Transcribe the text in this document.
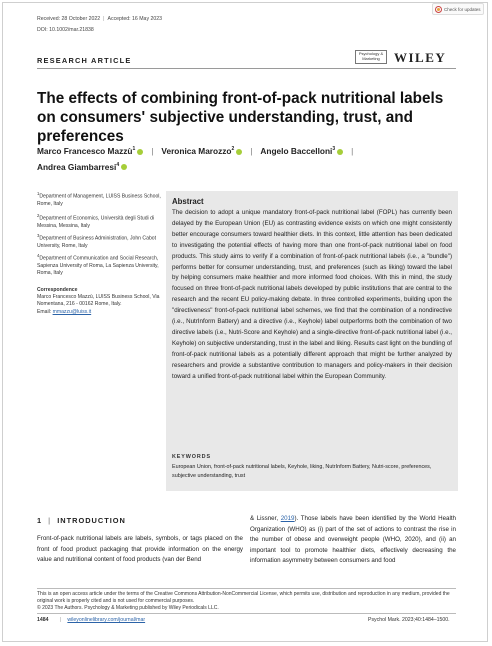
Received: 28 October 2022 | Accepted: 16 May 2023
DOI: 10.1002/mar.21838
Check for updates
RESEARCH ARTICLE
Psychology & Marketing	WILEY
The effects of combining front-of-pack nutritional labels on consumers' subjective understanding, trust, and preferences
Marco Francesco Mazzù$^1$ | Veronica Marozzo$^2$ | Angelo Baccelloni$^3$ |
Andrea Giambarresi$^4$
$^1$Department of Management, LUISS Business School, Rome, Italy
$^2$Department of Economics, Università degli Studi di Messina, Messina, Italy
$^3$Department of Business Administration, John Cabot University, Rome, Italy
$^4$Department of Communication and Social Research, Sapienza University of Roma, La Sapienza University, Roma, Italy
Correspondence
Marco Francesco Mazzù, LUISS Business School, Via Nomentana, 216 - 00162 Rome, Italy.
Email: mmazzu@luiss.it
Abstract
The decision to adopt a unique mandatory front-of-pack nutritional label (FOPL) has currently been delayed by the European Union (EU) as contrasting evidence exists on which one might consistently better encourage consumers toward healthier diets. In this context, little attention has been dedicated to investigating the potential effects of having more than one front-of-pack nutritional label on food products. This study aims to verify if a combination of front-of-pack nutritional labels (i.e., a "bundle") performs better for consumer understanding, trust, and preferences (such as liking) toward the label by helping consumers make healthier and more informed food choices. With this in mind, the study focused on three front-of-pack nutritional labels developed by public institutions that are central to the research and the recent EU policy-making debate. In three controlled experiments, building upon the "directiveness" front-of-pack nutritional label schemes, we find that the combination of a nondirective (i.e., NutrInform Battery) and a directive (i.e., Keyhole) label outperforms both the combination of two directive labels (i.e., Nutri-Score and Keyhole) and a single-directive front-of-pack nutritional label (i.e., Keyhole) on subjective understanding, trust in the label and liking. Results cast light on the bundling of front-of-pack nutritional labels as a potentially different approach that might be further analyzed by researchers and provide a substantive contribution to managers and policy-makers in their decision toward a unified front-of-pack nutritional label within the European Community.
KEYWORDS
European Union, front-of-pack nutritional labels, Keyhole, liking, NutrInform Battery, Nutri-score, preferences, subjective understanding, trust
1 | INTRODUCTION
Front-of-pack nutritional labels are labels, symbols, or tags placed on the front of food product packaging that provide information on the energy value and nutritional content of food products (van der Bend
& Lissner, 2019). Those labels have been identified by the World Health Organization (WHO) as (i) part of the set of actions to contrast the rise in the number of obese and overweight people (WHO, 2020), and (ii) an important tool to promote healthier diets, effectively decreasing the information asymmetry between consumers and food
This is an open access article under the terms of the Creative Commons Attribution-NonCommercial License, which permits use, distribution and reproduction in any medium, provided the original work is properly cited and is not used for commercial purposes.
© 2023 The Authors. Psychology & Marketing published by Wiley Periodicals LLC.
1484 | wileyonlinelibrary.com/journal/mar	Psychol Mark. 2023;40:1484–1500.
